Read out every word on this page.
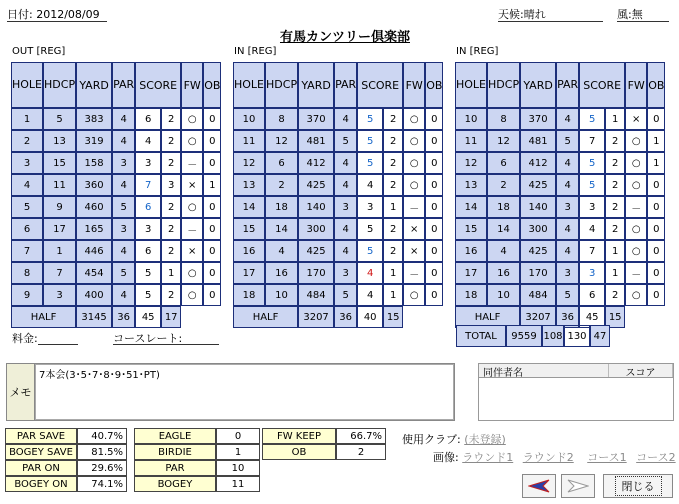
日付: 2012/08/09	天候:晴れ	風:無
有馬カンツリー倶楽部
OUT [REG]	IN [REG]	IN [REG]
HOLE	HDCP	YARD	PAR	SCORE		FW	OB
1	5	383	4	6	2	○	0
2	13	319	4	4	2	○	0
3	15	158	3	3	2	－	0
4	11	360	4	7	3	×	1
5	9	460	5	6	2	○	0
6	17	165	3	3	2	－	0
7	1	446	4	6	2	×	0
8	7	454	5	5	1	○	0
9	3	400	4	5	2	○	0
HALF		3145	36	45	17		
HOLE	HDCP	YARD	PAR	SCORE		FW	OB
10	8	370	4	5	2	○	0
11	12	481	5	5	2	○	0
12	6	412	4	5	2	○	0
13	2	425	4	4	2	○	0
14	18	140	3	3	1	－	0
15	14	300	4	5	2	×	0
16	4	425	4	5	2	×	0
17	16	170	3	4	1	－	0
18	10	484	5	4	1	○	0
HALF		3207	36	40	15		
HOLE	HDCP	YARD	PAR	SCORE		FW	OB
10	8	370	4	5	1	×	0
11	12	481	5	7	2	○	1
12	6	412	4	5	2	○	1
13	2	425	4	5	2	○	0
14	18	140	3	3	2	－	0
15	14	300	4	4	2	○	0
16	4	425	4	7	1	○	0
17	16	170	3	3	1	－	0
18	10	484	5	6	2	○	0
HALF		3207	36	45	15		
TOTAL	9559	108	130	47
料金:	コースレート:
メモ
7本会(3･5･7･8･9･51･PT)	同伴者名	スコア
PAR SAVE	40.7%
BOGEY SAVE	81.5%
PAR ON	29.6%
BOGEY ON	74.1%
EAGLE	0
BIRDIE	1
PAR	10
BOGEY	11
FW KEEP	66.7%
OB	2
使用クラブ: (未登録)
画像: ラウンド1 ラウンド2 コース1 コース2
閉じる
